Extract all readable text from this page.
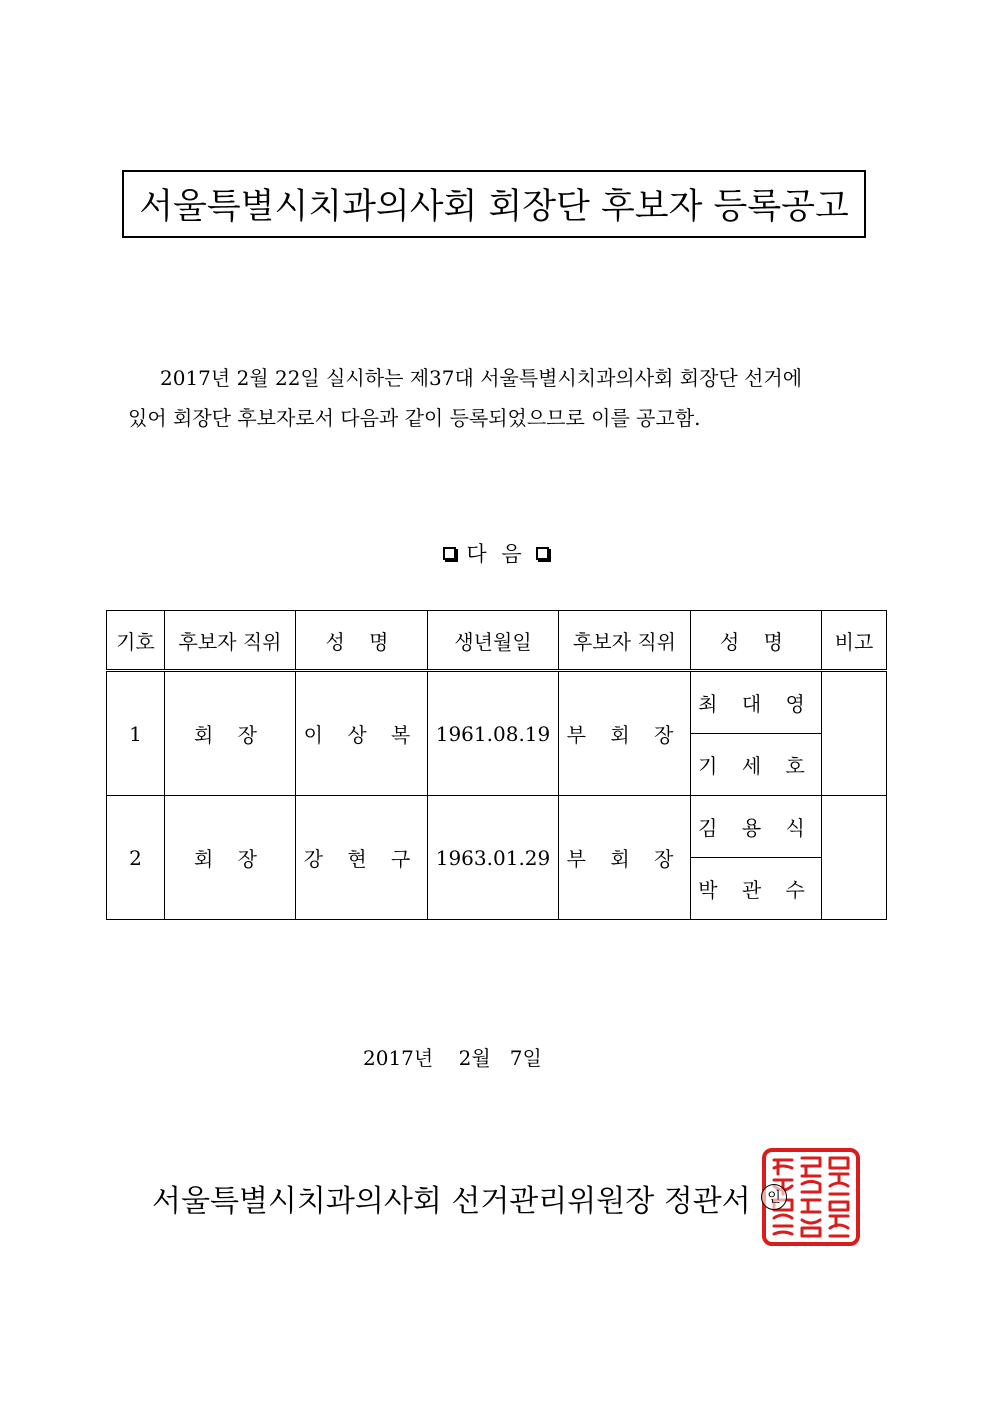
서울특별시치과의사회 회장단 후보자 등록공고
2017년 2월 22일 실시하는 제37대 서울특별시치과의사회 회장단 선거에
있어 회장단 후보자로서 다음과 같이 등록되었으므로 이를 공고함.
다 음
기호	후보자 직위	성 명	생년월일	후보자 직위	성 명	비고
1	회 장	이 상 복	1961.08.19	부 회 장	최 대 영	
					기 세 호	
2	회 장	강 현 구	1963.01.29	부 회 장	김 용 식	
					박 관 수	
2017년    2월   7일
서울특별시치과의사회 선거관리위원장 정관서	인
